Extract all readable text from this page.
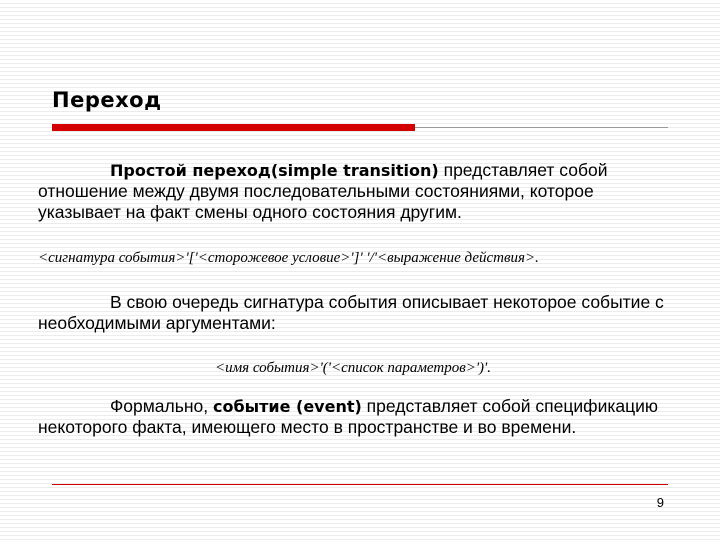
Переход

Простой переход(simple transition) представляет собой отношение между двумя последовательными состояниями, которое указывает на факт смены одного состояния другим.

<сигнатура события>'['<сторожевое условие>']' '/'<выражение действия>.

В свою очередь сигнатура события описывает некоторое событие с необходимыми аргументами:

<имя события>'('<список параметров>')'.

Формально, событие (event) представляет собой спецификацию некоторого факта, имеющего место в пространстве и во времени.

9
